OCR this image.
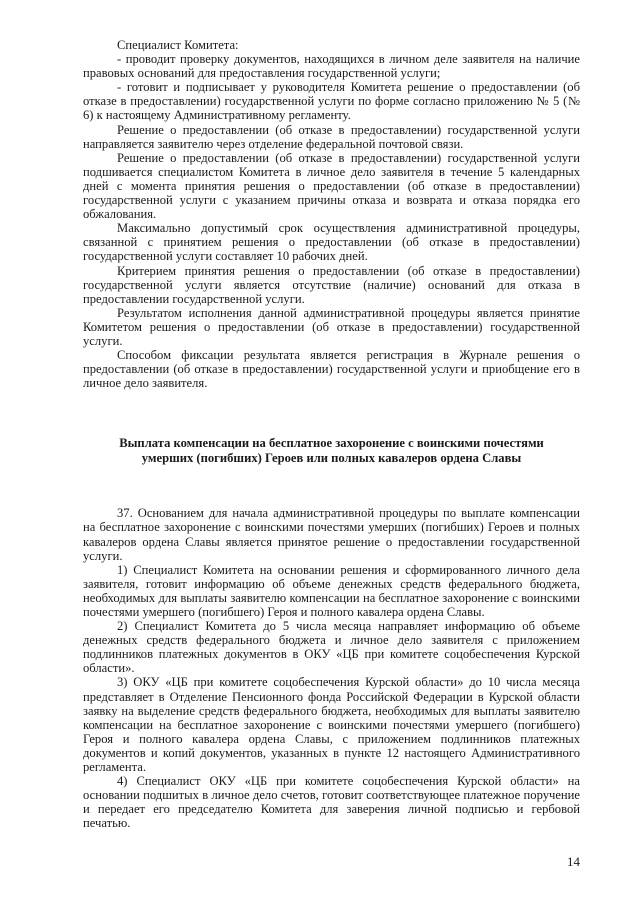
Специалист Комитета:

- проводит проверку документов, находящихся в личном деле заявителя на наличие правовых оснований для предоставления государственной услуги;

- готовит и подписывает у руководителя Комитета решение о предоставлении (об отказе в предоставлении) государственной услуги по форме согласно приложению № 5 (№ 6) к настоящему Административному регламенту.

Решение о предоставлении (об отказе в предоставлении) государственной услуги направляется заявителю через отделение федеральной почтовой связи.

Решение о предоставлении (об отказе в предоставлении) государственной услуги подшивается специалистом Комитета в личное дело заявителя в течение 5 календарных дней с момента принятия решения о предоставлении (об отказе в предоставлении) государственной услуги с указанием причины отказа и возврата и отказа порядка его обжалования.

Максимально допустимый срок осуществления административной процедуры, связанной с принятием решения о предоставлении (об отказе в предоставлении) государственной услуги составляет 10 рабочих дней.

Критерием принятия решения о предоставлении (об отказе в предоставлении) государственной услуги является отсутствие (наличие) оснований для отказа в предоставлении государственной услуги.

Результатом исполнения данной административной процедуры является принятие Комитетом решения о предоставлении (об отказе в предоставлении) государственной услуги.

Способом фиксации результата является регистрация в Журнале решения о предоставлении (об отказе в предоставлении) государственной услуги и приобщение его в личное дело заявителя.

Выплата компенсации на бесплатное захоронение с воинскими почестями умерших (погибших) Героев или полных кавалеров ордена Славы

37. Основанием для начала административной процедуры по выплате компенсации на бесплатное захоронение с воинскими почестями умерших (погибших) Героев и полных кавалеров ордена Славы является принятое решение о предоставлении государственной услуги.

1) Специалист Комитета на основании решения и сформированного личного дела заявителя, готовит информацию об объеме денежных средств федерального бюджета, необходимых для выплаты заявителю компенсации на бесплатное захоронение с воинскими почестями умершего (погибшего) Героя и полного кавалера ордена Славы.

2) Специалист Комитета до 5 числа месяца направляет информацию об объеме денежных средств федерального бюджета и личное дело заявителя с приложением подлинников платежных документов в ОКУ «ЦБ при комитете соцобеспечения Курской области».

3) ОКУ «ЦБ при комитете соцобеспечения Курской области» до 10 числа месяца представляет в Отделение Пенсионного фонда Российской Федерации в Курской области заявку на выделение средств федерального бюджета, необходимых для выплаты заявителю компенсации на бесплатное захоронение с воинскими почестями умершего (погибшего) Героя и полного кавалера ордена Славы, с приложением подлинников платежных документов и копий документов, указанных в пункте 12 настоящего Административного регламента.

4) Специалист ОКУ «ЦБ при комитете соцобеспечения Курской области» на основании подшитых в личное дело счетов, готовит соответствующее платежное поручение и передает его председателю Комитета для заверения личной подписью и гербовой печатью.

14
